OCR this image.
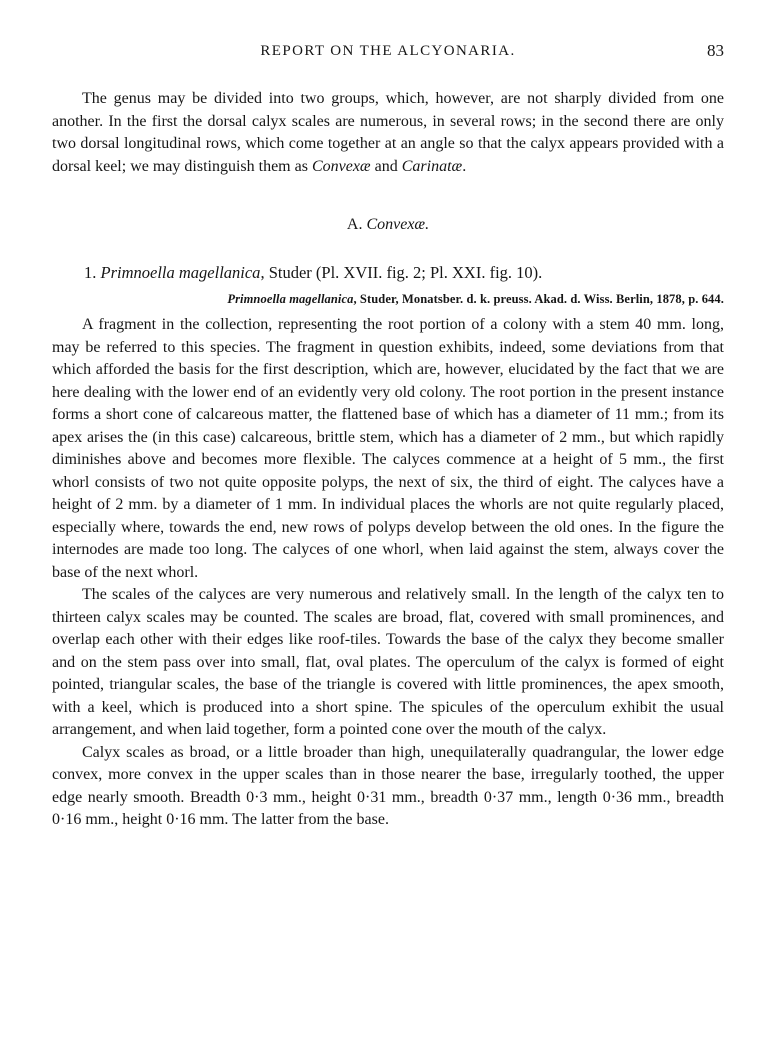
REPORT ON THE ALCYONARIA.	83

The genus may be divided into two groups, which, however, are not sharply divided from one another. In the first the dorsal calyx scales are numerous, in several rows; in the second there are only two dorsal longitudinal rows, which come together at an angle so that the calyx appears provided with a dorsal keel; we may distinguish them as Convexæ and Carinatæ.

A. Convexæ.
1. Primnoella magellanica, Studer (Pl. XVII. fig. 2; Pl. XXI. fig. 10).
Primnoella magellanica, Studer, Monatsber. d. k. preuss. Akad. d. Wiss. Berlin, 1878, p. 644.

A fragment in the collection, representing the root portion of a colony with a stem 40 mm. long, may be referred to this species. The fragment in question exhibits, indeed, some deviations from that which afforded the basis for the first description, which are, however, elucidated by the fact that we are here dealing with the lower end of an evidently very old colony. The root portion in the present instance forms a short cone of calcareous matter, the flattened base of which has a diameter of 11 mm.; from its apex arises the (in this case) calcareous, brittle stem, which has a diameter of 2 mm., but which rapidly diminishes above and becomes more flexible. The calyces commence at a height of 5 mm., the first whorl consists of two not quite opposite polyps, the next of six, the third of eight. The calyces have a height of 2 mm. by a diameter of 1 mm. In individual places the whorls are not quite regularly placed, especially where, towards the end, new rows of polyps develop between the old ones. In the figure the internodes are made too long. The calyces of one whorl, when laid against the stem, always cover the base of the next whorl.

The scales of the calyces are very numerous and relatively small. In the length of the calyx ten to thirteen calyx scales may be counted. The scales are broad, flat, covered with small prominences, and overlap each other with their edges like roof-tiles. Towards the base of the calyx they become smaller and on the stem pass over into small, flat, oval plates. The operculum of the calyx is formed of eight pointed, triangular scales, the base of the triangle is covered with little prominences, the apex smooth, with a keel, which is produced into a short spine. The spicules of the operculum exhibit the usual arrangement, and when laid together, form a pointed cone over the mouth of the calyx.

Calyx scales as broad, or a little broader than high, unequilaterally quadrangular, the lower edge convex, more convex in the upper scales than in those nearer the base, irregularly toothed, the upper edge nearly smooth. Breadth 0·3 mm., height 0·31 mm., breadth 0·37 mm., length 0·36 mm., breadth 0·16 mm., height 0·16 mm. The latter from the base.
